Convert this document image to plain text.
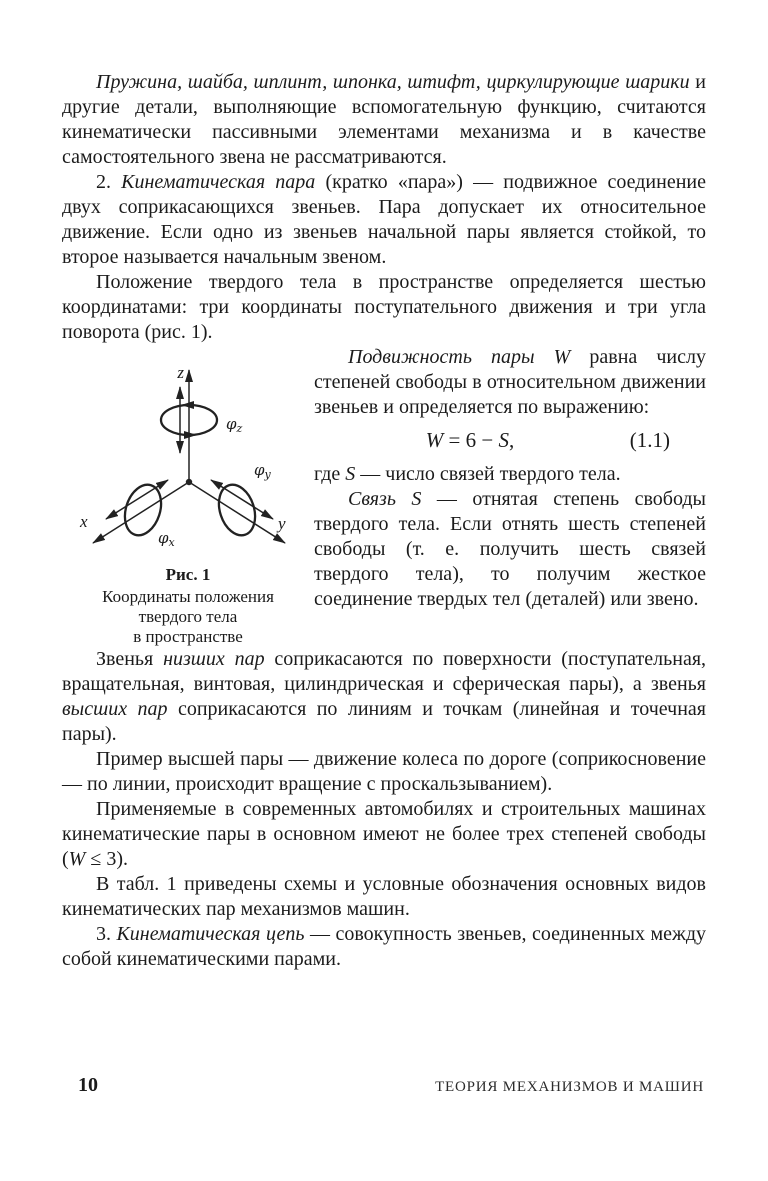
Пружина, шайба, шплинт, шпонка, штифт, циркулирующие шарики и другие детали, выполняющие вспомогательную функцию, считаются кинематически пассивными элементами механизма и в качестве самостоятельного звена не рассматриваются.

2. Кинематическая пара (кратко «пара») — подвижное соединение двух соприкасающихся звеньев. Пара допускает их относительное движение. Если одно из звеньев начальной пары является стойкой, то второе называется начальным звеном.

Положение твердого тела в пространстве определяется шестью координатами: три координаты поступательного движения и три угла поворота (рис. 1).

z
x	y
$\varphi_z$
$\varphi_y$
$\varphi_x$
Рис. 1
Координаты положения
твердого тела
в пространстве

Подвижность пары W равна числу степеней свободы в относительном движении звеньев и определяется по выражению:

W = 6 − S,	(1.1)

где S — число связей твердого тела.

Связь S — отнятая степень свободы твердого тела. Если отнять шесть степеней свободы (т. е. получить шесть связей твердого тела), то получим жесткое соединение твердых тел (деталей) или звено.

Звенья низших пар соприкасаются по поверхности (поступательная, вращательная, винтовая, цилиндрическая и сферическая пары), а звенья высших пар соприкасаются по линиям и точкам (линейная и точечная пары).

Пример высшей пары — движение колеса по дороге (соприкосновение — по линии, происходит вращение с проскальзыванием).

Применяемые в современных автомобилях и строительных машинах кинематические пары в основном имеют не более трех степеней свободы (W ≤ 3).

В табл. 1 приведены схемы и условные обозначения основных видов кинематических пар механизмов машин.

3. Кинематическая цепь — совокупность звеньев, соединенных между собой кинематическими парами.

10	ТЕОРИЯ МЕХАНИЗМОВ И МАШИН
